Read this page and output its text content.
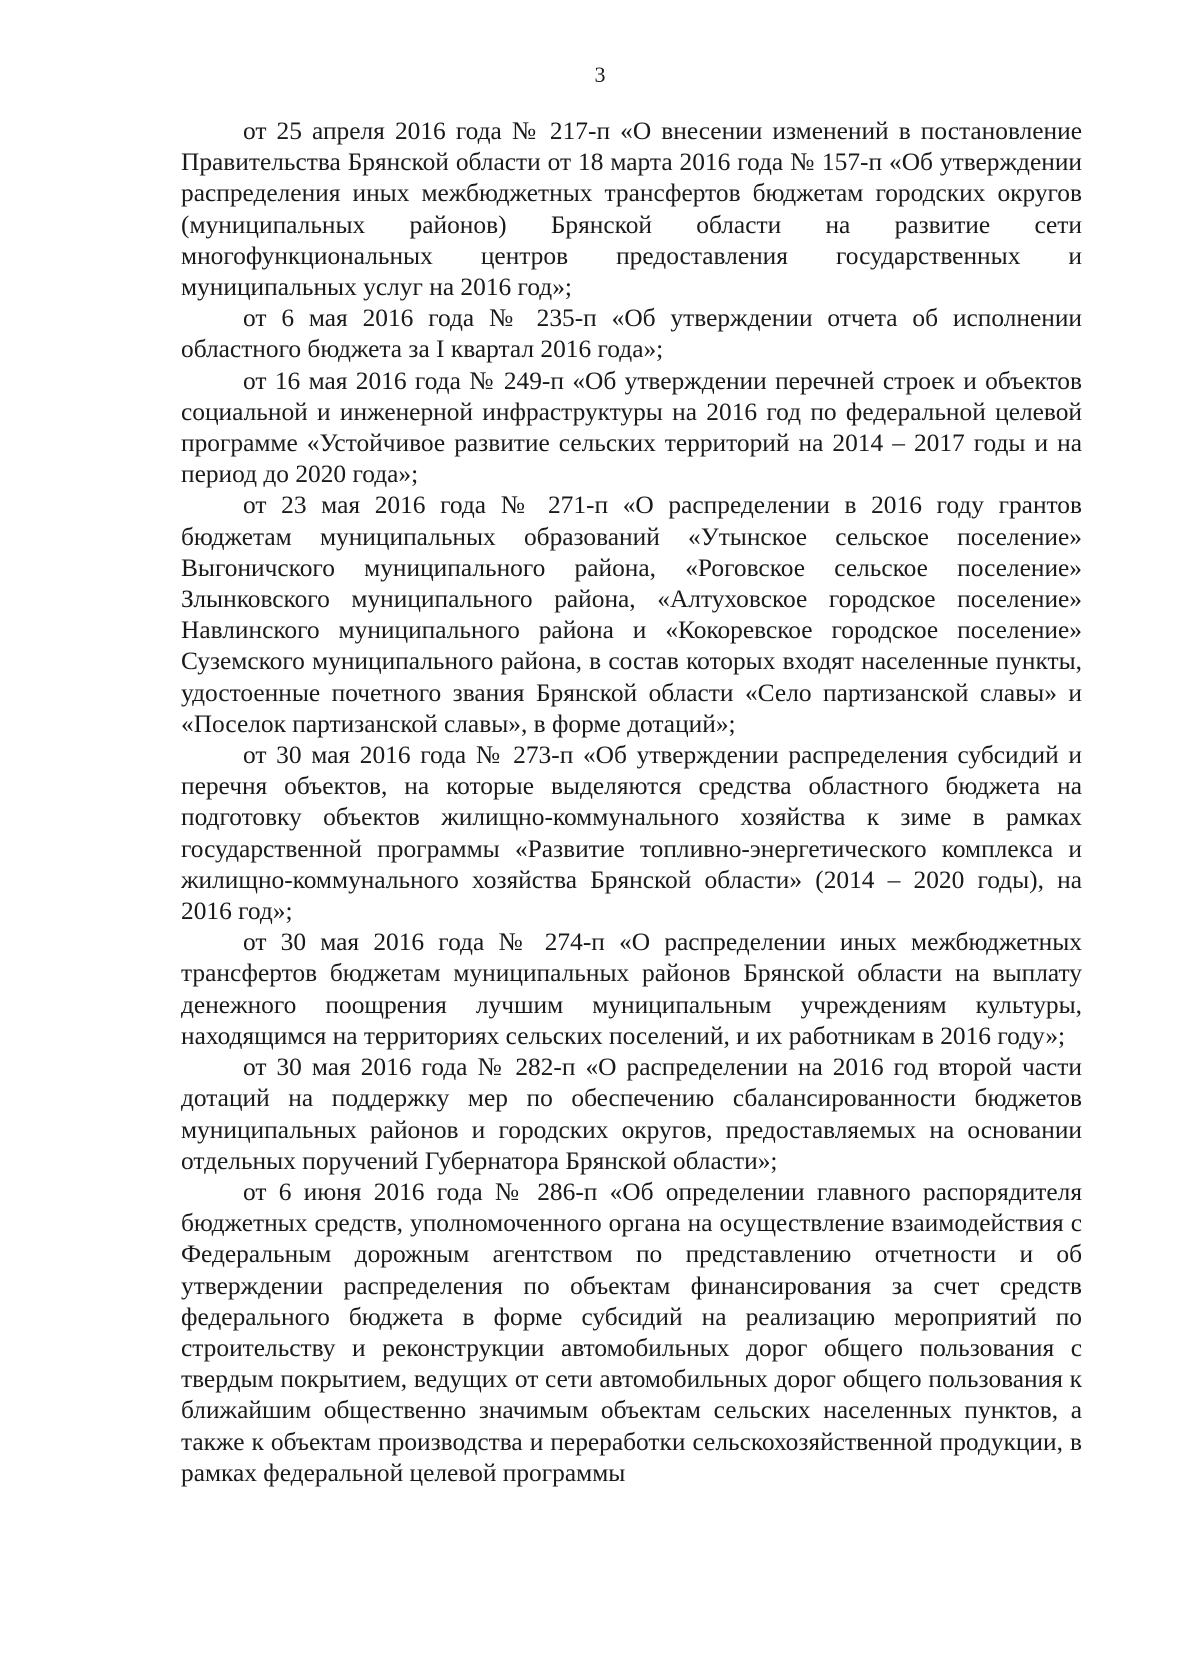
3

от 25 апреля 2016 года № 217-п «О внесении изменений в постановление Правительства Брянской области от 18 марта 2016 года № 157-п «Об утверждении распределения иных межбюджетных трансфертов бюджетам городских округов (муниципальных районов) Брянской области на развитие сети многофункциональных центров предоставления государственных и муниципальных услуг на 2016 год»;

от 6 мая 2016 года № 235-п «Об утверждении отчета об исполнении областного бюджета за I квартал 2016 года»;

от 16 мая 2016 года № 249-п «Об утверждении перечней строек и объектов социальной и инженерной инфраструктуры на 2016 год по федеральной целевой программе «Устойчивое развитие сельских территорий на 2014 – 2017 годы и на период до 2020 года»;

от 23 мая 2016 года № 271-п «О распределении в 2016 году грантов бюджетам муниципальных образований «Утынское сельское поселение» Выгоничского муниципального района, «Роговское сельское поселение» Злынковского муниципального района, «Алтуховское городское поселение» Навлинского муниципального района и «Кокоревское городское поселение» Суземского муниципального района, в состав которых входят населенные пункты, удостоенные почетного звания Брянской области «Село партизанской славы» и «Поселок партизанской славы», в форме дотаций»;

от 30 мая 2016 года № 273-п «Об утверждении распределения субсидий и перечня объектов, на которые выделяются средства областного бюджета на подготовку объектов жилищно-коммунального хозяйства к зиме в рамках государственной программы «Развитие топливно-энергетического комплекса и жилищно-коммунального хозяйства Брянской области» (2014 – 2020 годы), на 2016 год»;

от 30 мая 2016 года № 274-п «О распределении иных межбюджетных трансфертов бюджетам муниципальных районов Брянской области на выплату денежного поощрения лучшим муниципальным учреждениям культуры, находящимся на территориях сельских поселений, и их работникам в 2016 году»;

от 30 мая 2016 года № 282-п «О распределении на 2016 год второй части дотаций на поддержку мер по обеспечению сбалансированности бюджетов муниципальных районов и городских округов, предоставляемых на основании отдельных поручений Губернатора Брянской области»;

от 6 июня 2016 года № 286-п «Об определении главного распорядителя бюджетных средств, уполномоченного органа на осуществление взаимодействия с Федеральным дорожным агентством по представлению отчетности и об утверждении распределения по объектам финансирования за счет средств федерального бюджета в форме субсидий на реализацию мероприятий по строительству и реконструкции автомобильных дорог общего пользования с твердым покрытием, ведущих от сети автомобильных дорог общего пользования к ближайшим общественно значимым объектам сельских населенных пунктов, а также к объектам производства и переработки сельскохозяйственной продукции, в рамках федеральной целевой программы
